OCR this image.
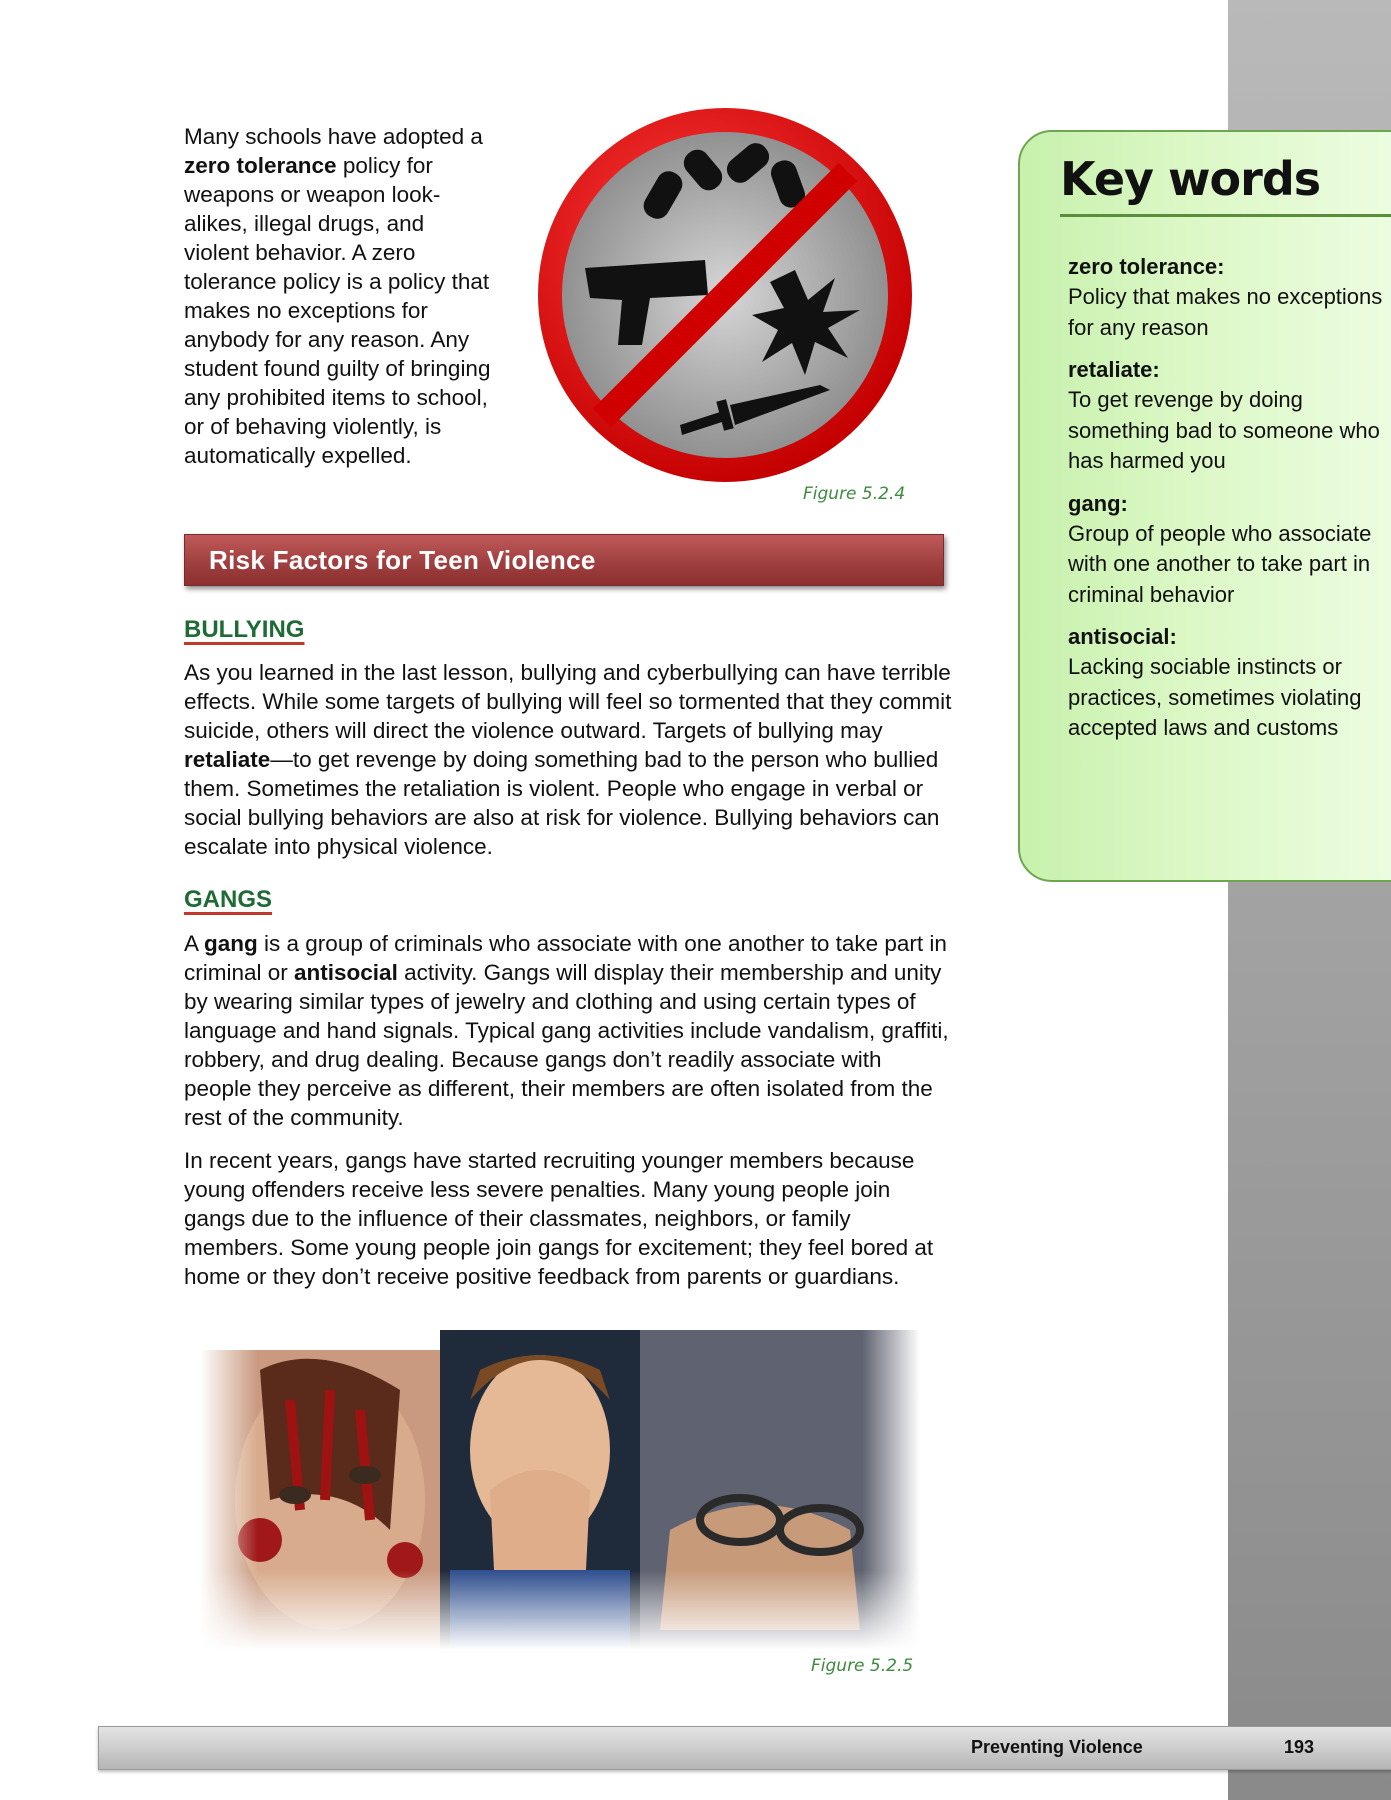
Many schools have adopted a zero tolerance policy for weapons or weapon look-alikes, illegal drugs, and violent behavior. A zero tolerance policy is a policy that makes no exceptions for anybody for any reason. Any student found guilty of bringing any prohibited items to school, or of behaving violently, is automatically expelled.

Figure 5.2.4
Risk Factors for Teen Violence
BULLYING

As you learned in the last lesson, bullying and cyberbullying can have terrible effects. While some targets of bullying will feel so tormented that they commit suicide, others will direct the violence outward. Targets of bullying may retaliate—to get revenge by doing something bad to the person who bullied them. Sometimes the retaliation is violent. People who engage in verbal or social bullying behaviors are also at risk for violence. Bullying behaviors can escalate into physical violence.

GANGS

A gang is a group of criminals who associate with one another to take part in criminal or antisocial activity. Gangs will display their membership and unity by wearing similar types of jewelry and clothing and using certain types of language and hand signals. Typical gang activities include vandalism, graffiti, robbery, and drug dealing. Because gangs don’t readily associate with people they perceive as different, their members are often isolated from the rest of the community.

In recent years, gangs have started recruiting younger members because young offenders receive less severe penalties. Many young people join gangs due to the influence of their classmates, neighbors, or family members. Some young people join gangs for excitement; they feel bored at home or they don’t receive positive feedback from parents or guardians.

Figure 5.2.5
Key words
zero tolerance:
Policy that makes no exceptions for any reason
retaliate:
To get revenge by doing something bad to someone who has harmed you
gang:
Group of people who associate with one another to take part in criminal behavior
antisocial:
Lacking sociable instincts or practices, sometimes violating accepted laws and customs
Preventing Violence	193
